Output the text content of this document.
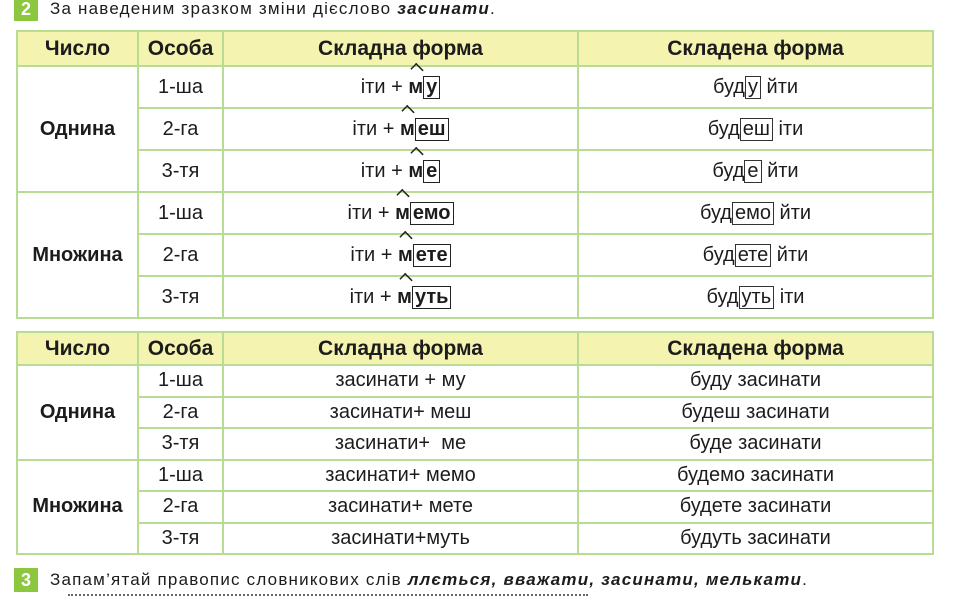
2	За наведеним зразком зміни дієслово засинати.
Число	Особа	Складна форма	Складена форма
Однина	1-ша	іти + м у	буд у йти
	2-га	іти + м еш	буд еш іти
	3-тя	іти + м е	буд е йти
Множина	1-ша	іти + м емо	буд емо йти
	2-га	іти + м ете	буд ете йти
	3-тя	іти + м уть	буд уть іти
Число	Особа	Складна форма	Складена форма
Однина	1-ша	засинати + му	буду засинати
	2-га	засинати+ меш	будеш засинати
	3-тя	засинати+  ме	буде засинати
Множина	1-ша	засинати+ мемо	будемо засинати
	2-га	засинати+ мете	будете засинати
	3-тя	засинати+муть	будуть засинати
3	Запам’ятай правопис словникових слів ллється, вважати, засинати, мелькати.
